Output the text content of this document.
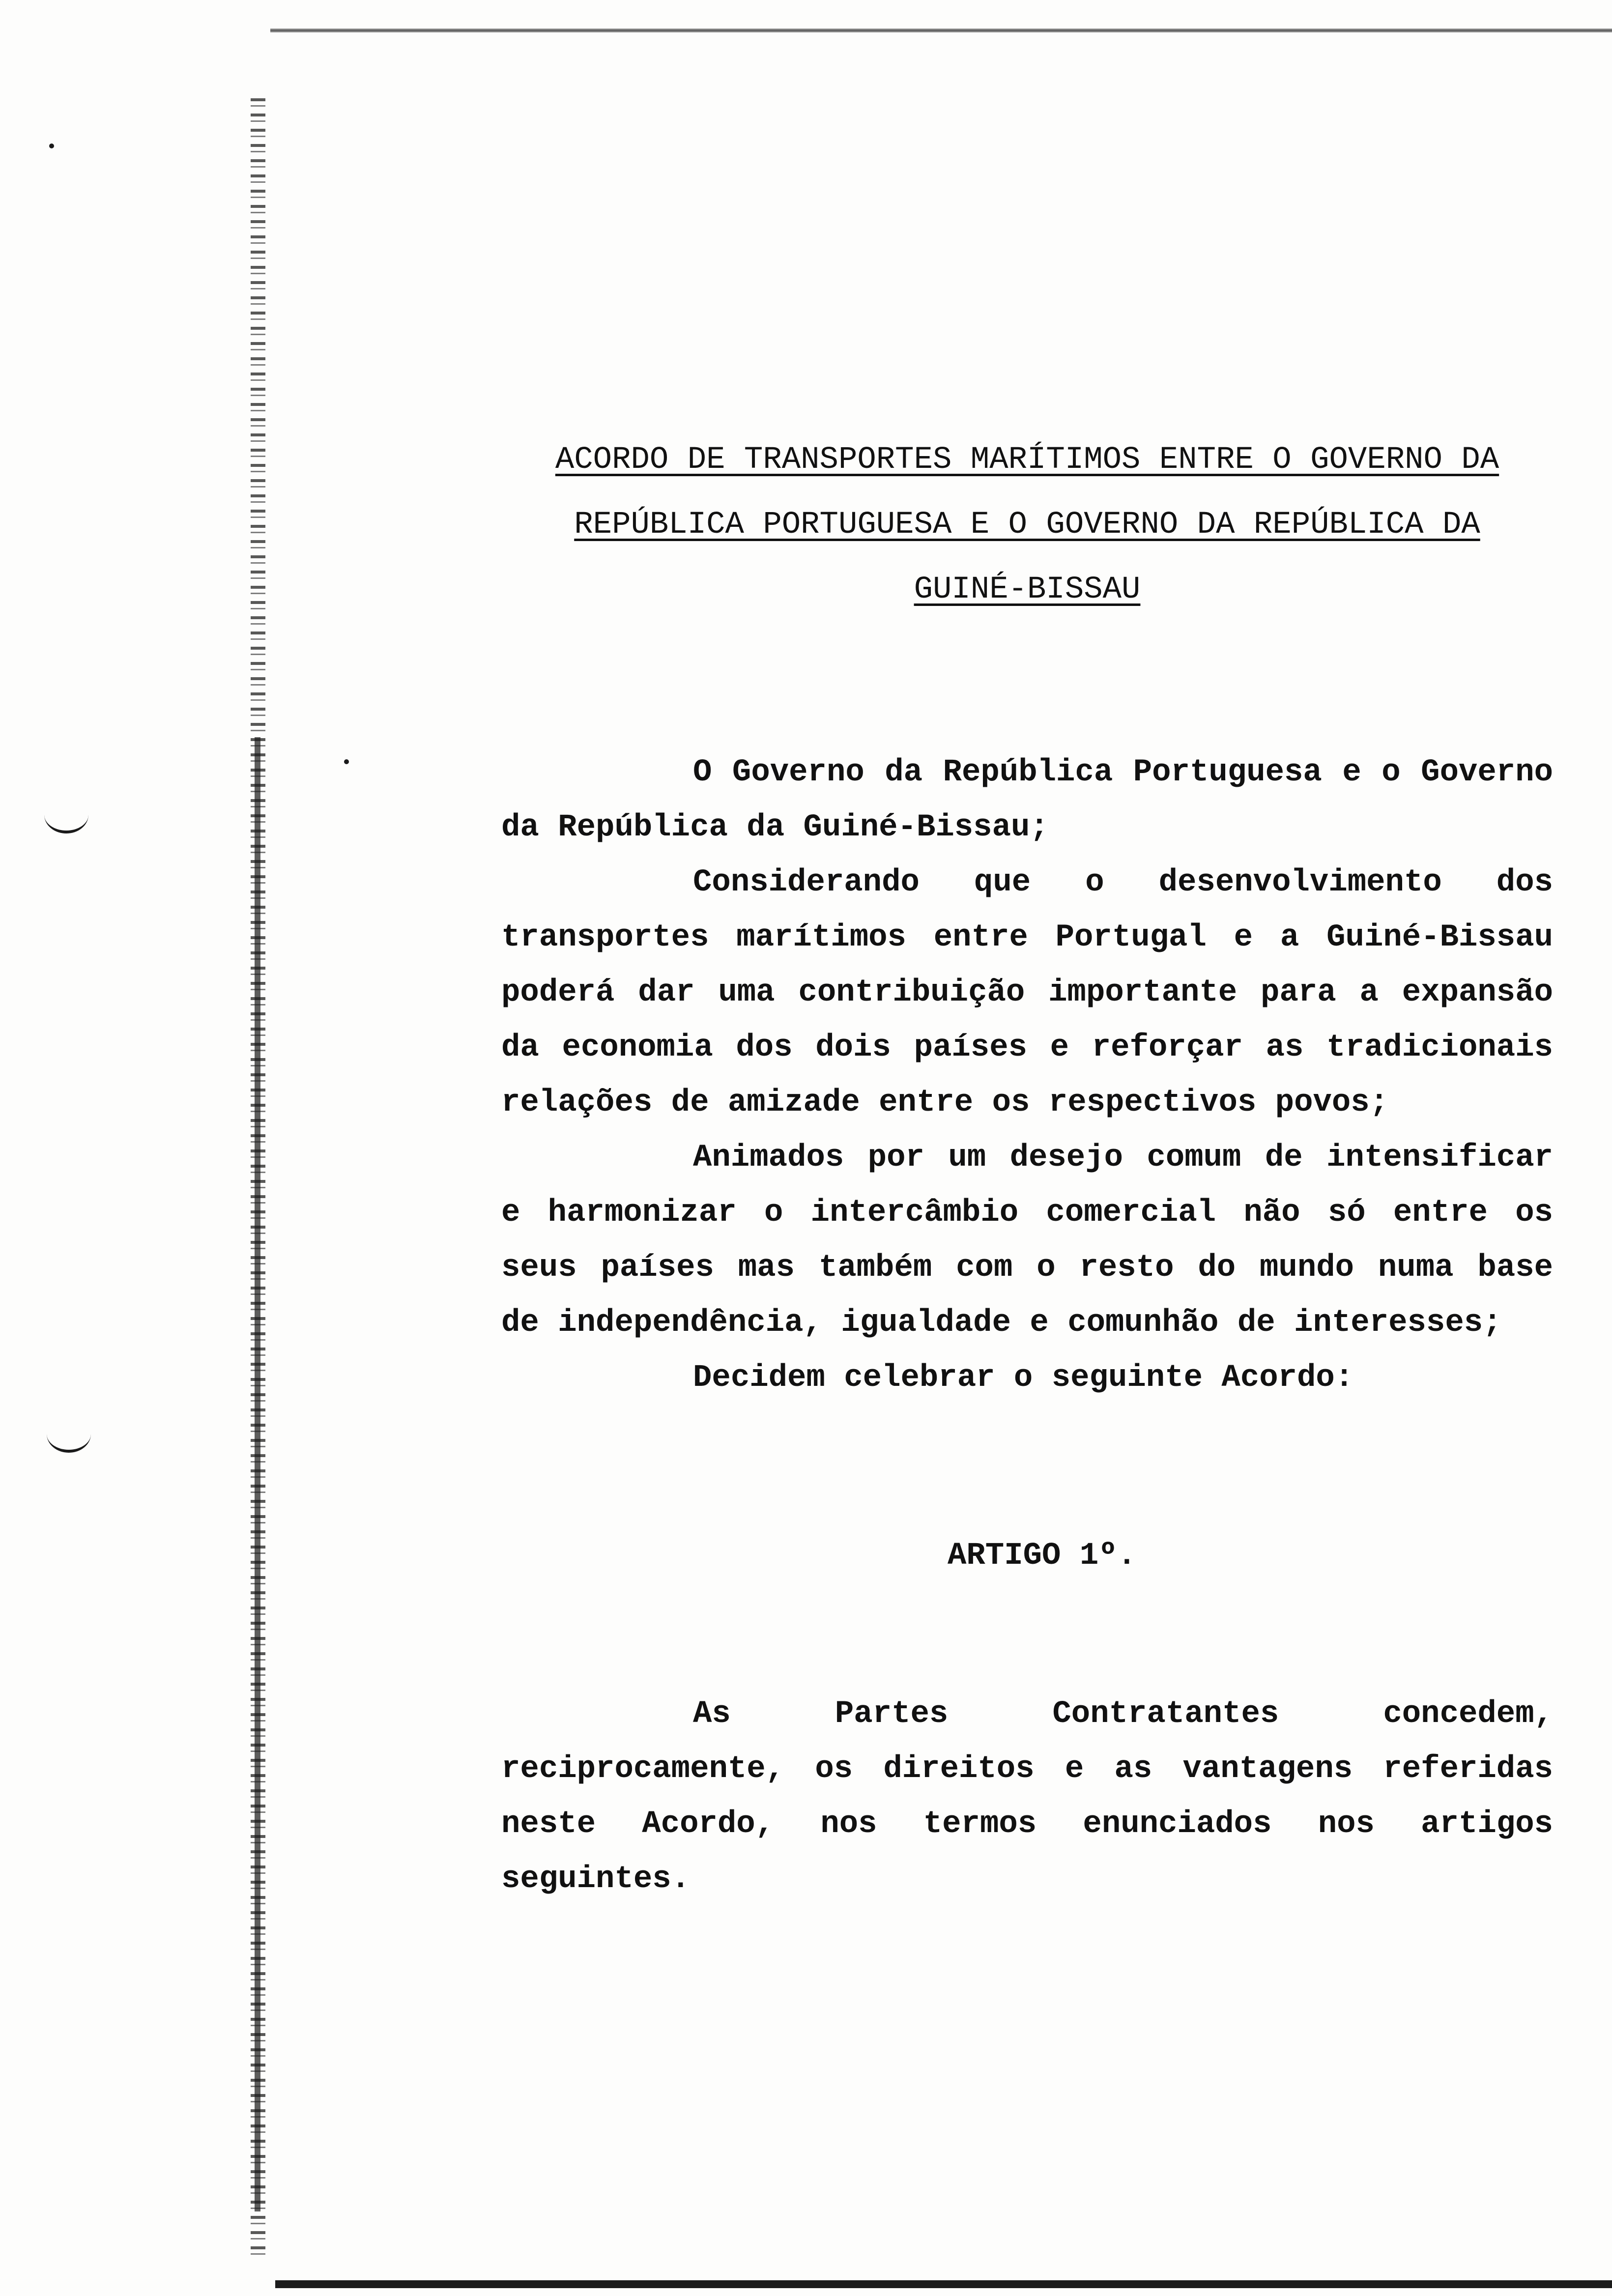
ACORDO DE TRANSPORTES MARÍTIMOS ENTRE O GOVERNO DA
REPÚBLICA PORTUGUESA E O GOVERNO DA REPÚBLICA DA
GUINÉ-BISSAU

O Governo da República Portuguesa e o Governo da República da Guiné-Bissau;

Considerando que o desenvolvimento dos transportes marítimos entre Portugal e a Guiné-Bissau poderá dar uma contribuição importante para a expansão da economia dos dois países e reforçar as tradicionais relações de amizade entre os respectivos povos;

Animados por um desejo comum de intensificar e harmonizar o intercâmbio comercial não só entre os seus países mas também com o resto do mundo numa base de independência, igualdade e comunhão de interesses;

Decidem celebrar o seguinte Acordo:

ARTIGO 1º.

As Partes Contratantes concedem, reciprocamente, os direitos e as vantagens referidas neste Acordo, nos termos enunciados nos artigos seguintes.
